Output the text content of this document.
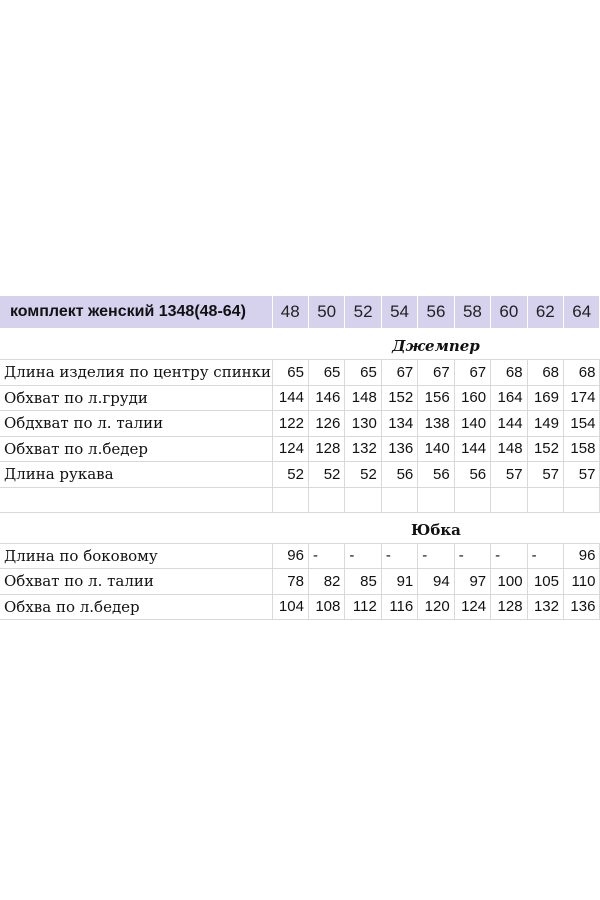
комплект женский 1348(48-64)	48	50	52	54	56	58	60	62	64
	Джемпер								
Длина изделия по центру спинки	65	65	65	67	67	67	68	68	68
Обхват по л.груди	144	146	148	152	156	160	164	169	174
Обдхват по л. талии	122	126	130	134	138	140	144	149	154
Обхват по л.бедер	124	128	132	136	140	144	148	152	158
Длина рукава	52	52	52	56	56	56	57	57	57

	Юбка								
Длина по боковому	96	-	-	-	-	-	-	-	96
Обхват по л. талии	78	82	85	91	94	97	100	105	110
Обхва по л.бедер	104	108	112	116	120	124	128	132	136
